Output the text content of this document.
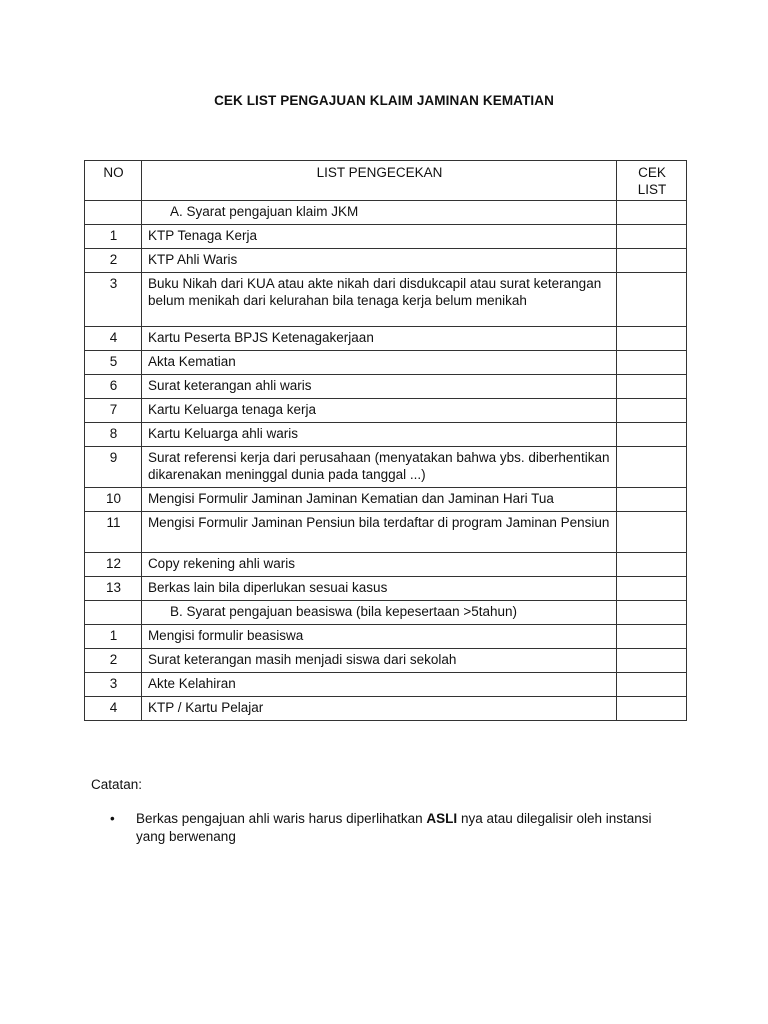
CEK LIST PENGAJUAN KLAIM JAMINAN KEMATIAN
NO	LIST PENGECEKAN	CEK LIST
	A. Syarat pengajuan klaim JKM	
1	KTP Tenaga Kerja	
2	KTP Ahli Waris	
3	Buku Nikah dari KUA atau akte nikah dari disdukcapil atau surat keterangan belum menikah dari kelurahan bila tenaga kerja belum menikah	
4	Kartu Peserta BPJS Ketenagakerjaan	
5	Akta Kematian	
6	Surat keterangan ahli waris	
7	Kartu Keluarga tenaga kerja	
8	Kartu Keluarga ahli waris	
9	Surat referensi kerja dari perusahaan (menyatakan bahwa ybs. diberhentikan dikarenakan meninggal dunia pada tanggal ...)	
10	Mengisi Formulir Jaminan Jaminan Kematian dan Jaminan Hari Tua	
11	Mengisi Formulir Jaminan Pensiun bila terdaftar di program Jaminan Pensiun	
12	Copy rekening ahli waris	
13	Berkas lain bila diperlukan sesuai kasus	
	B. Syarat pengajuan beasiswa (bila kepesertaan >5tahun)	
1	Mengisi formulir beasiswa	
2	Surat keterangan masih menjadi siswa dari sekolah	
3	Akte Kelahiran	
4	KTP / Kartu Pelajar	
Catatan:
• Berkas pengajuan ahli waris harus diperlihatkan ASLI nya atau dilegalisir oleh instansi yang berwenang
